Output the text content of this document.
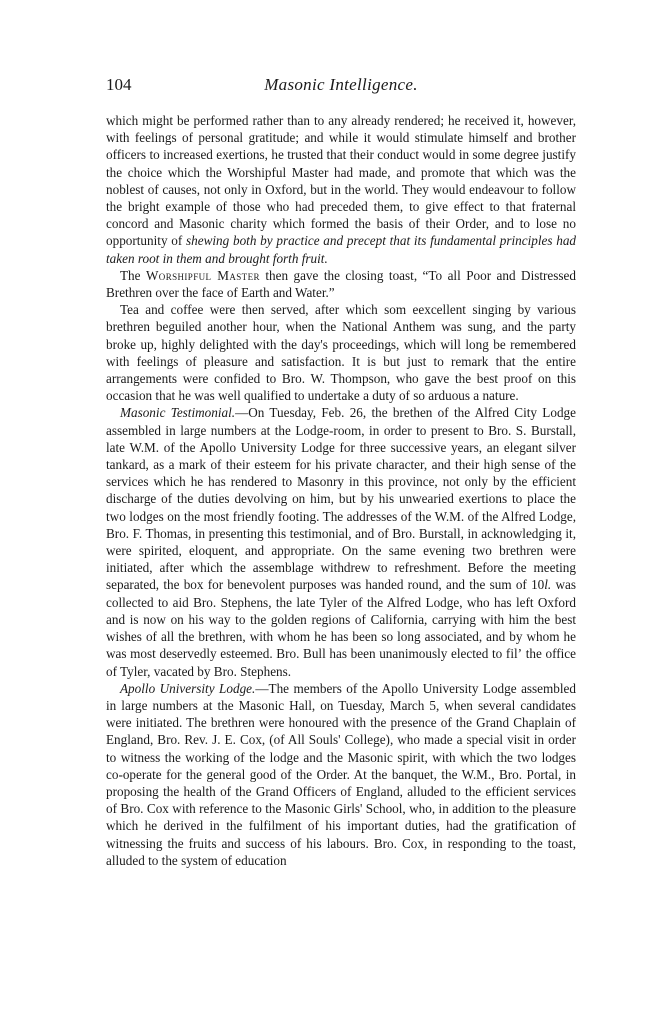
104	Masonic Intelligence.

which might be performed rather than to any already rendered; he received it, however, with feelings of personal gratitude; and while it would stimulate himself and brother officers to increased exertions, he trusted that their conduct would in some degree justify the choice which the Worshipful Master had made, and promote that which was the noblest of causes, not only in Oxford, but in the world. They would endeavour to follow the bright example of those who had preceded them, to give effect to that fraternal concord and Masonic charity which formed the basis of their Order, and to lose no opportunity of shewing both by practice and precept that its fundamental principles had taken root in them and brought forth fruit.

The Worshipful Master then gave the closing toast, “To all Poor and Distressed Brethren over the face of Earth and Water.”

Tea and coffee were then served, after which som eexcellent singing by various brethren beguiled another hour, when the National Anthem was sung, and the party broke up, highly delighted with the day's proceedings, which will long be remembered with feelings of pleasure and satisfaction. It is but just to remark that the entire arrangements were confided to Bro. W. Thompson, who gave the best proof on this occasion that he was well qualified to undertake a duty of so arduous a nature.

Masonic Testimonial.—On Tuesday, Feb. 26, the brethen of the Alfred City Lodge assembled in large numbers at the Lodge-room, in order to present to Bro. S. Burstall, late W.M. of the Apollo University Lodge for three successive years, an elegant silver tankard, as a mark of their esteem for his private character, and their high sense of the services which he has rendered to Masonry in this province, not only by the efficient discharge of the duties devolving on him, but by his unwearied exertions to place the two lodges on the most friendly footing. The addresses of the W.M. of the Alfred Lodge, Bro. F. Thomas, in presenting this testimonial, and of Bro. Burstall, in acknowledging it, were spirited, eloquent, and appropriate. On the same evening two brethren were initiated, after which the assemblage withdrew to refreshment. Before the meeting separated, the box for benevolent purposes was handed round, and the sum of 10l. was collected to aid Bro. Stephens, the late Tyler of the Alfred Lodge, who has left Oxford and is now on his way to the golden regions of California, carrying with him the best wishes of all the brethren, with whom he has been so long associated, and by whom he was most deservedly esteemed. Bro. Bull has been unanimously elected to filʼ the office of Tyler, vacated by Bro. Stephens.

Apollo University Lodge.—The members of the Apollo University Lodge assembled in large numbers at the Masonic Hall, on Tuesday, March 5, when several candidates were initiated. The brethren were honoured with the presence of the Grand Chaplain of England, Bro. Rev. J. E. Cox, (of All Souls' College), who made a special visit in order to witness the working of the lodge and the Masonic spirit, with which the two lodges co-operate for the general good of the Order. At the banquet, the W.M., Bro. Portal, in proposing the health of the Grand Officers of England, alluded to the efficient services of Bro. Cox with reference to the Masonic Girls' School, who, in addition to the pleasure which he derived in the fulfilment of his important duties, had the gratification of witnessing the fruits and success of his labours. Bro. Cox, in responding to the toast, alluded to the system of education
